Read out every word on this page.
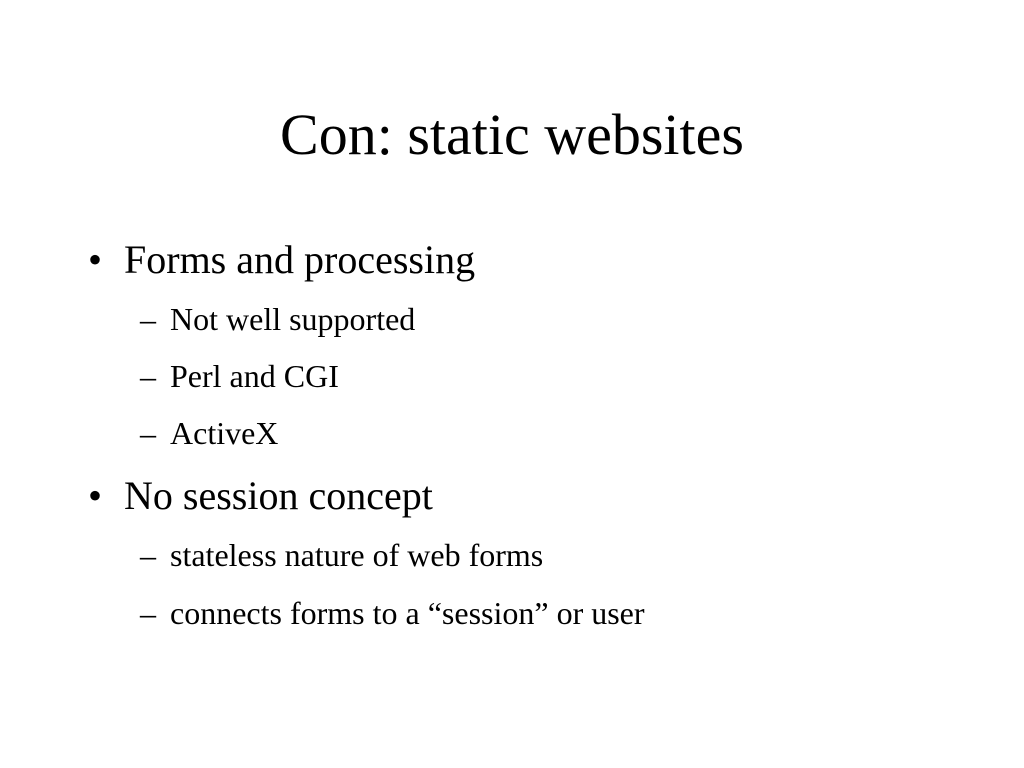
Con: static websites
• Forms and processing
– Not well supported
– Perl and CGI
– ActiveX
• No session concept
– stateless nature of web forms
– connects forms to a “session” or user
